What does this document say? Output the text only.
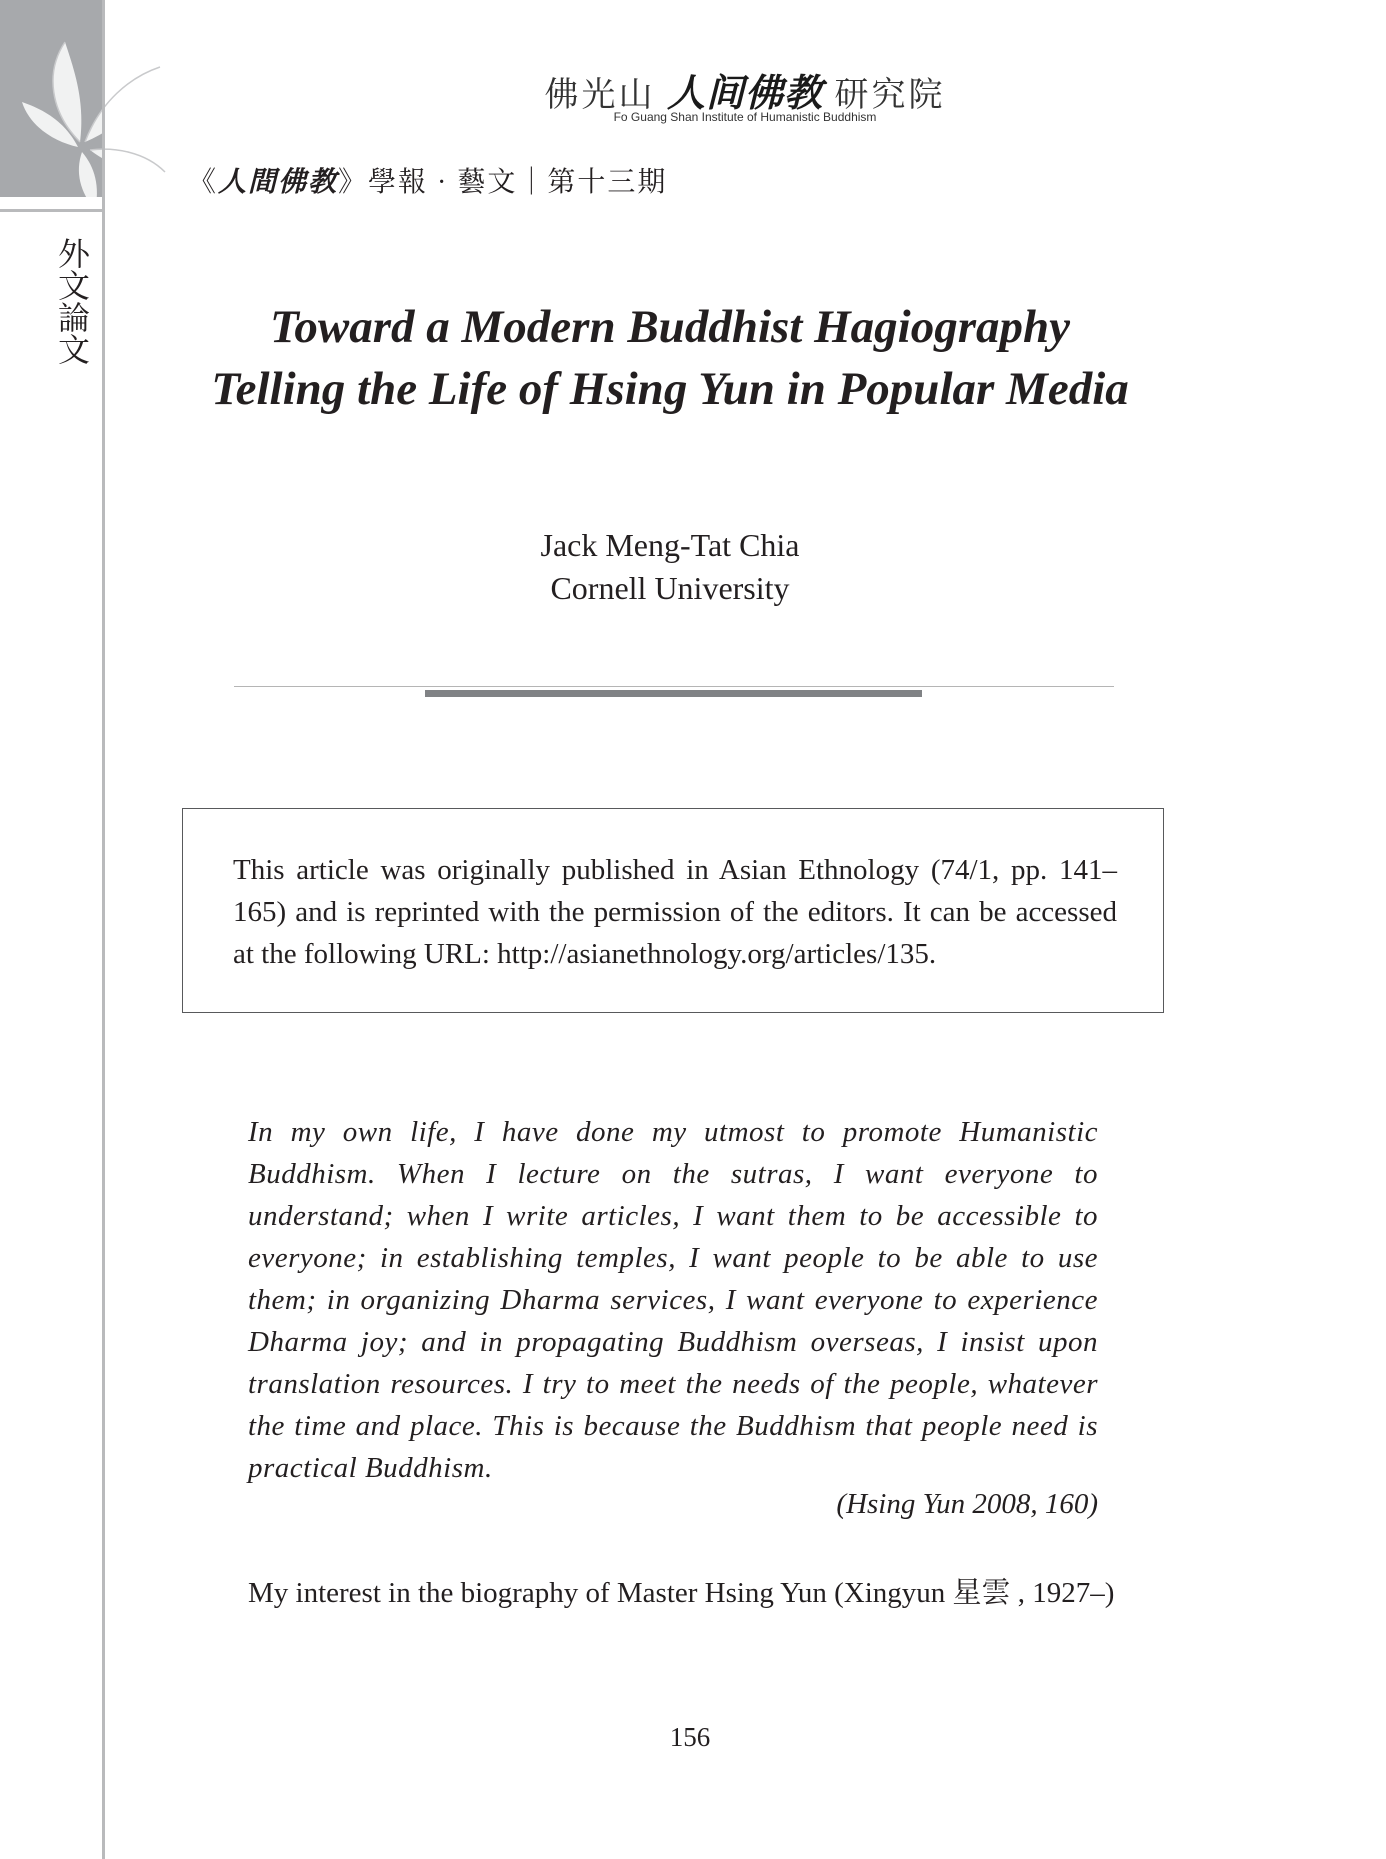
外
文
論
文
佛光山 人间佛教 研究院
Fo Guang Shan Institute of Humanistic Buddhism
《人間佛教》學報 · 藝文｜第十三期
Toward a Modern Buddhist Hagiography
Telling the Life of Hsing Yun in Popular Media
Jack Meng-Tat Chia
Cornell University
This article was originally published in Asian Ethnology (74/1, pp. 141–165) and is reprinted with the permission of the editors. It can be accessed at the following URL: http://asianethnology.org/articles/135.
In my own life, I have done my utmost to promote Humanistic Buddhism. When I lecture on the sutras, I want everyone to understand; when I write articles, I want them to be accessible to everyone; in establishing temples, I want people to be able to use them; in organizing Dharma services, I want everyone to experience Dharma joy; and in propagating Buddhism overseas, I insist upon translation resources. I try to meet the needs of the people, whatever the time and place. This is because the Buddhism that people need is practical Buddhism.
(Hsing Yun 2008, 160)
My interest in the biography of Master Hsing Yun (Xingyun 星雲 , 1927–)
156
